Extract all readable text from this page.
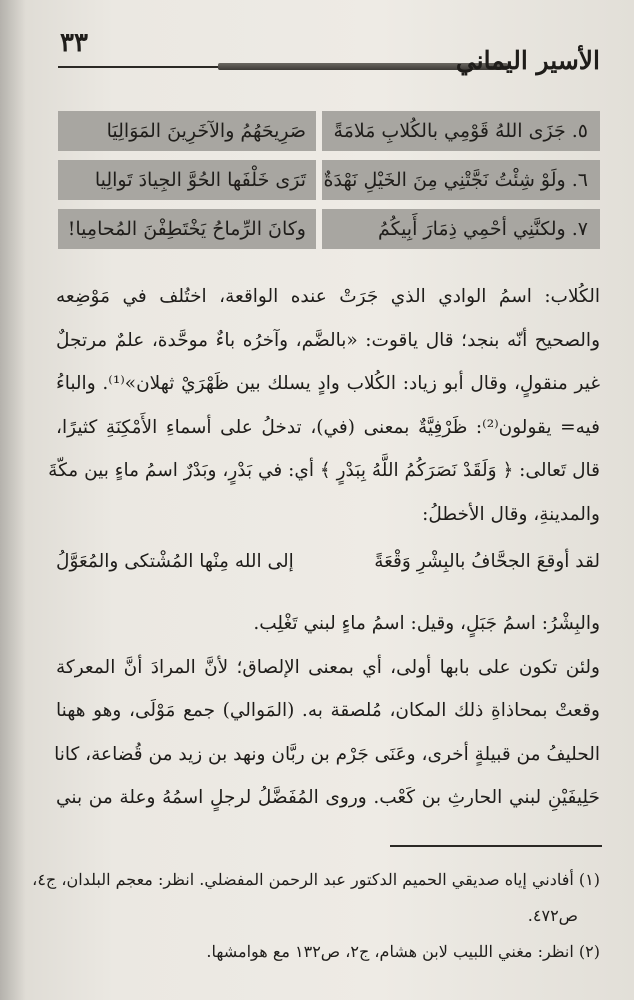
٣٣
الأسير اليماني
٥. جَزَى اللهُ قَوْمِي بالكُلابِ مَلامَةً
صَرِيحَهُمُ والآخَرِينَ المَوَالِيَا
٦. ولَوْ شِئْتُ نَجَّتْنِي مِنَ الخَيْلِ نَهْدَةٌ
تَرَى خَلْفَها الحُوَّ الجِيادَ تَوالِيا
٧. ولكنَّنِي أحْمِي ذِمَارَ أَبِيكُمُ
وكانَ الرِّماحُ يَخْتَطِفْنَ المُحامِيا!
الكُلاب: اسمُ الوادي الذي جَرَتْ عنده الواقعة، اختُلف في مَوْضِعه
والصحيح أنّه بنجد؛ قال ياقوت: «بالضَّم، وآخرُه باءٌ موحَّدة، علمٌ مرتجلٌ
غير منقولٍ، وقال أبو زياد: الكُلاب وادٍ يسلك بين ظَهْرَيْ ثهلان»⁽¹⁾. والباءُ
فيه= يقولون⁽²⁾: ظَرْفِيَّةٌ بمعنى (في)، تدخلُ على أسماءِ الأَمْكِنَةِ كثيرًا،
قال تَعالى: ﴿ وَلَقَدْ نَصَرَكُمُ اللَّهُ بِبَدْرٍ ﴾ أي: في بَدْرٍ، وبَدْرٌ اسمُ ماءٍ بين مكّةَ
والمدينةِ، وقال الأخطلُ:
لقد أوقعَ الجحَّافُ بالبِشْرِ وَقْعَةً
إلى الله مِنْها المُشْتكى والمُعَوَّلُ
والبِشْرُ: اسمُ جَبَلٍ، وقيل: اسمُ ماءٍ لبني تَغْلِب.
ولئن تكون على بابها أولى، أي بمعنى الإلصاق؛ لأنَّ المرادَ أنَّ المعركة
وقعتْ بمحاذاةِ ذلك المكان، مُلصقة به. (المَوالي) جمع مَوْلَى، وهو ههنا
الحليفُ من قبيلةٍ أخرى، وعَنَى جَرْم بن ربَّان ونهد بن زيد من قُضاعة، كانا
حَلِيفَيْنِ لبني الحارثِ بن كَعْب. وروى المُفَضَّلُ لرجلٍ اسمُهُ وعلة من بني
(١) أفادني إياه صديقي الحميم الدكتور عبد الرحمن المفضلي. انظر: معجم البلدان، ج٤،
ص٤٧٢.
(٢) انظر: مغني اللبيب لابن هشام، ج٢، ص١٣٢ مع هوامشها.
